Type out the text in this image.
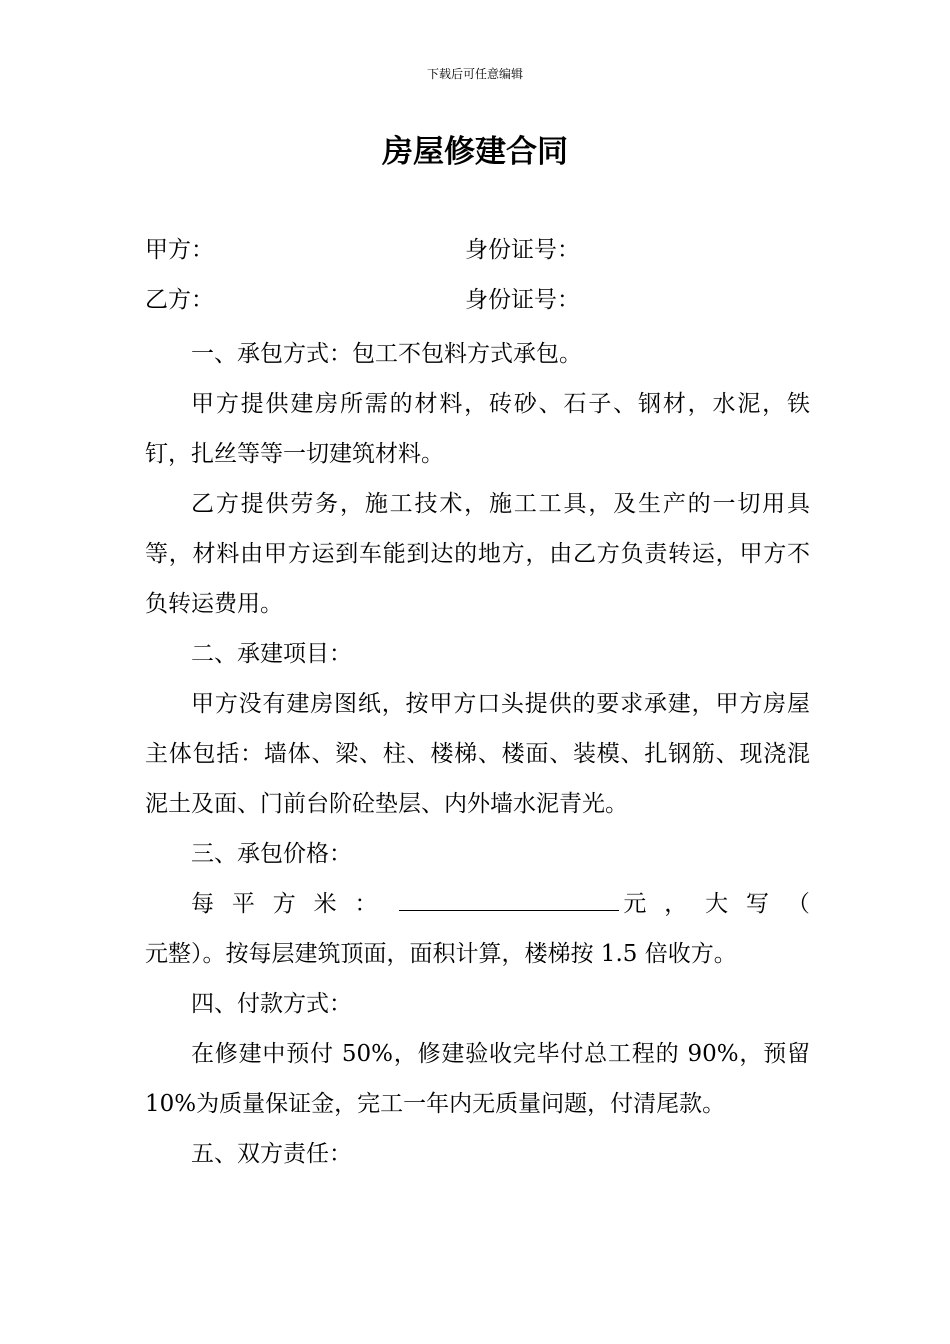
下载后可任意编辑
房屋修建合同
甲方：	身份证号：
乙方：	身份证号：

一、承包方式：包工不包料方式承包。

甲方提供建房所需的材料，砖砂、石子、钢材，水泥，铁钉，扎丝等等一切建筑材料。

乙方提供劳务，施工技术，施工工具，及生产的一切用具等，材料由甲方运到车能到达的地方，由乙方负责转运，甲方不负转运费用。

二、承建项目：

甲方没有建房图纸，按甲方口头提供的要求承建，甲方房屋主体包括：墙体、梁、柱、楼梯、楼面、装模、扎钢筋、现浇混泥土及面、门前台阶砼垫层、内外墙水泥青光。

三、承包价格：

每 平 方 米 ：	元 ， 大 写 （

元整）。按每层建筑顶面，面积计算，楼梯按 1.5 倍收方。

四、付款方式：

在修建中预付 50%，修建验收完毕付总工程的 90%，预留 10%为质量保证金，完工一年内无质量问题，付清尾款。

五、双方责任：
